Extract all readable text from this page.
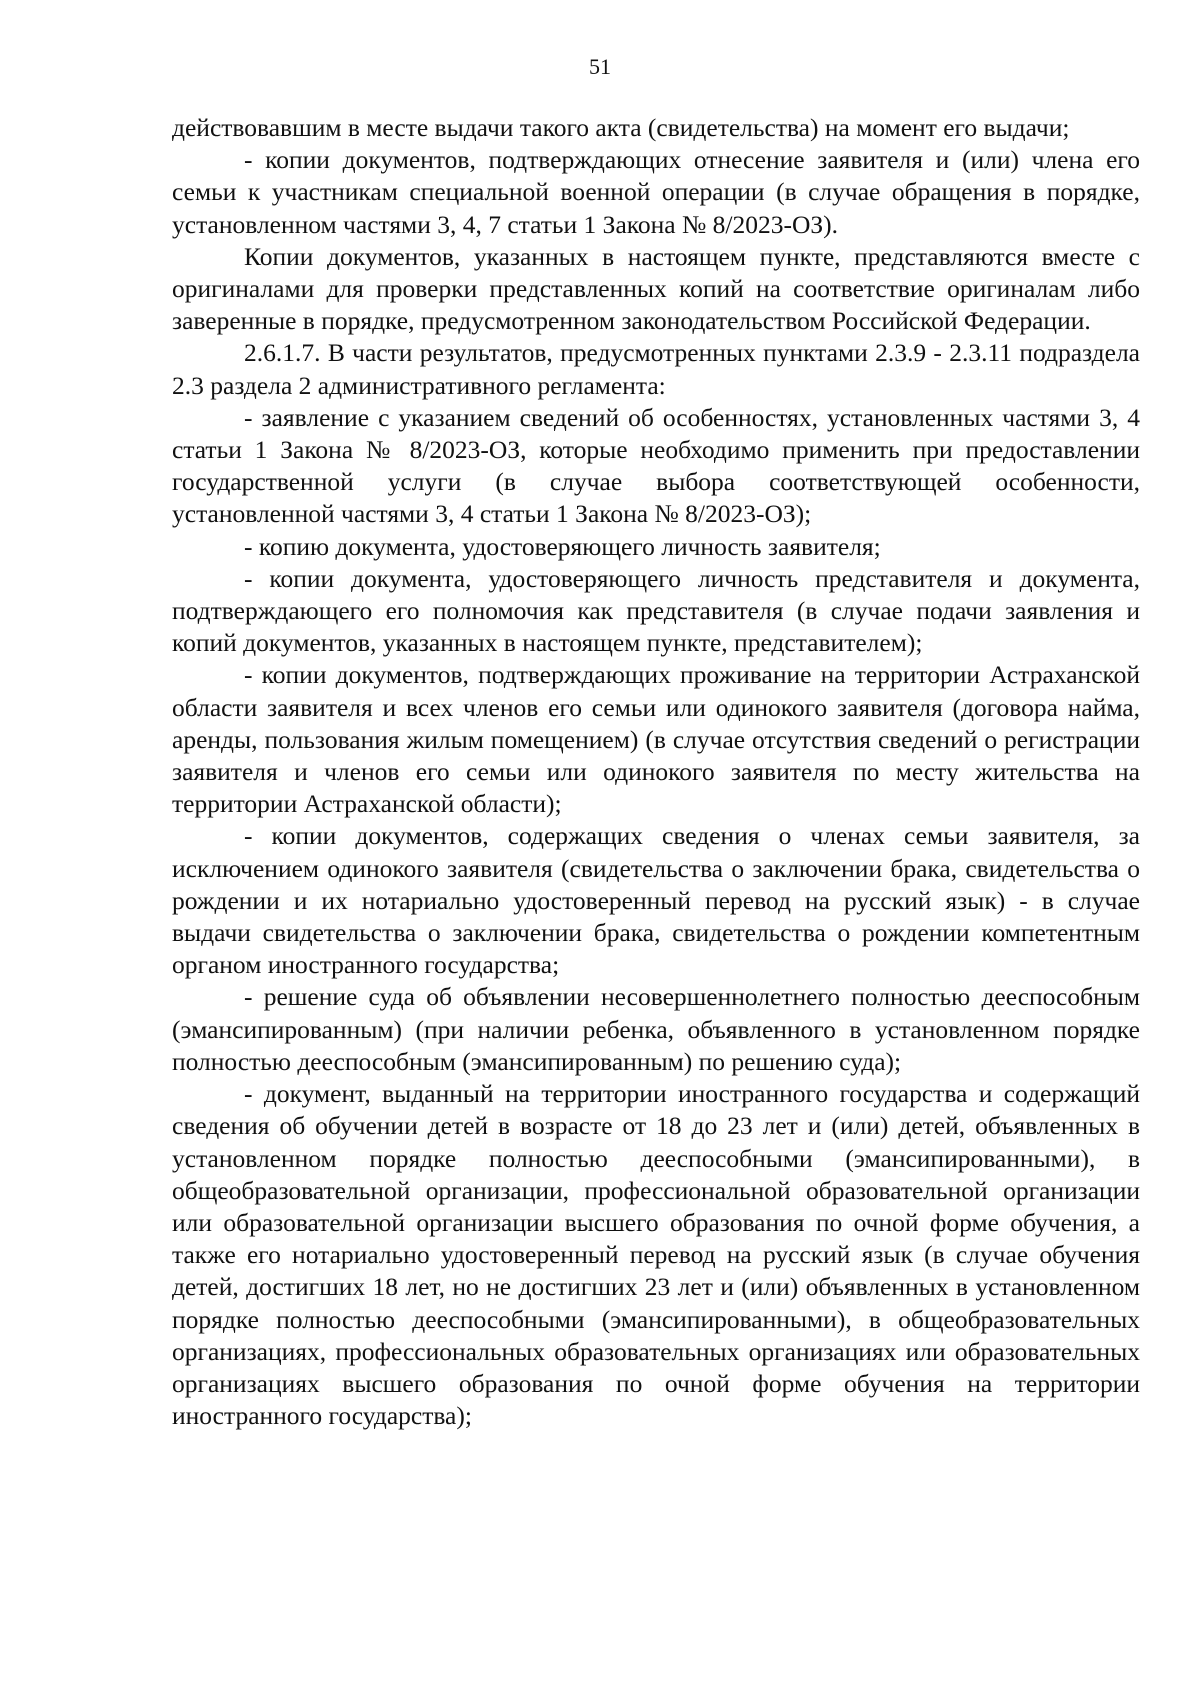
51

действовавшим в месте выдачи такого акта (свидетельства) на момент его выдачи;

- копии документов, подтверждающих отнесение заявителя и (или) члена его семьи к участникам специальной военной операции (в случае обращения в порядке, установленном частями 3, 4, 7 статьи 1 Закона № 8/2023-ОЗ).

Копии документов, указанных в настоящем пункте, представляются вместе с оригиналами для проверки представленных копий на соответствие оригиналам либо заверенные в порядке, предусмотренном законодательством Российской Федерации.

2.6.1.7. В части результатов, предусмотренных пунктами 2.3.9 - 2.3.11 подраздела 2.3 раздела 2 административного регламента:

- заявление с указанием сведений об особенностях, установленных частями 3, 4 статьи 1 Закона № 8/2023-ОЗ, которые необходимо применить при предоставлении государственной услуги (в случае выбора соответствующей особенности, установленной частями 3, 4 статьи 1 Закона № 8/2023-ОЗ);

- копию документа, удостоверяющего личность заявителя;

- копии документа, удостоверяющего личность представителя и документа, подтверждающего его полномочия как представителя (в случае подачи заявления и копий документов, указанных в настоящем пункте, представителем);

- копии документов, подтверждающих проживание на территории Астраханской области заявителя и всех членов его семьи или одинокого заявителя (договора найма, аренды, пользования жилым помещением) (в случае отсутствия сведений о регистрации заявителя и членов его семьи или одинокого заявителя по месту жительства на территории Астраханской области);

- копии документов, содержащих сведения о членах семьи заявителя, за исключением одинокого заявителя (свидетельства о заключении брака, свидетельства о рождении и их нотариально удостоверенный перевод на русский язык) - в случае выдачи свидетельства о заключении брака, свидетельства о рождении компетентным органом иностранного государства;

- решение суда об объявлении несовершеннолетнего полностью дееспособным (эмансипированным) (при наличии ребенка, объявленного в установленном порядке полностью дееспособным (эмансипированным) по решению суда);

- документ, выданный на территории иностранного государства и содержащий сведения об обучении детей в возрасте от 18 до 23 лет и (или) детей, объявленных в установленном порядке полностью дееспособными (эмансипированными), в общеобразовательной организации, профессиональной образовательной организации или образовательной организации высшего образования по очной форме обучения, а также его нотариально удостоверенный перевод на русский язык (в случае обучения детей, достигших 18 лет, но не достигших 23 лет и (или) объявленных в установленном порядке полностью дееспособными (эмансипированными), в общеобразовательных организациях, профессиональных образовательных организациях или образовательных организациях высшего образования по очной форме обучения на территории иностранного государства);
